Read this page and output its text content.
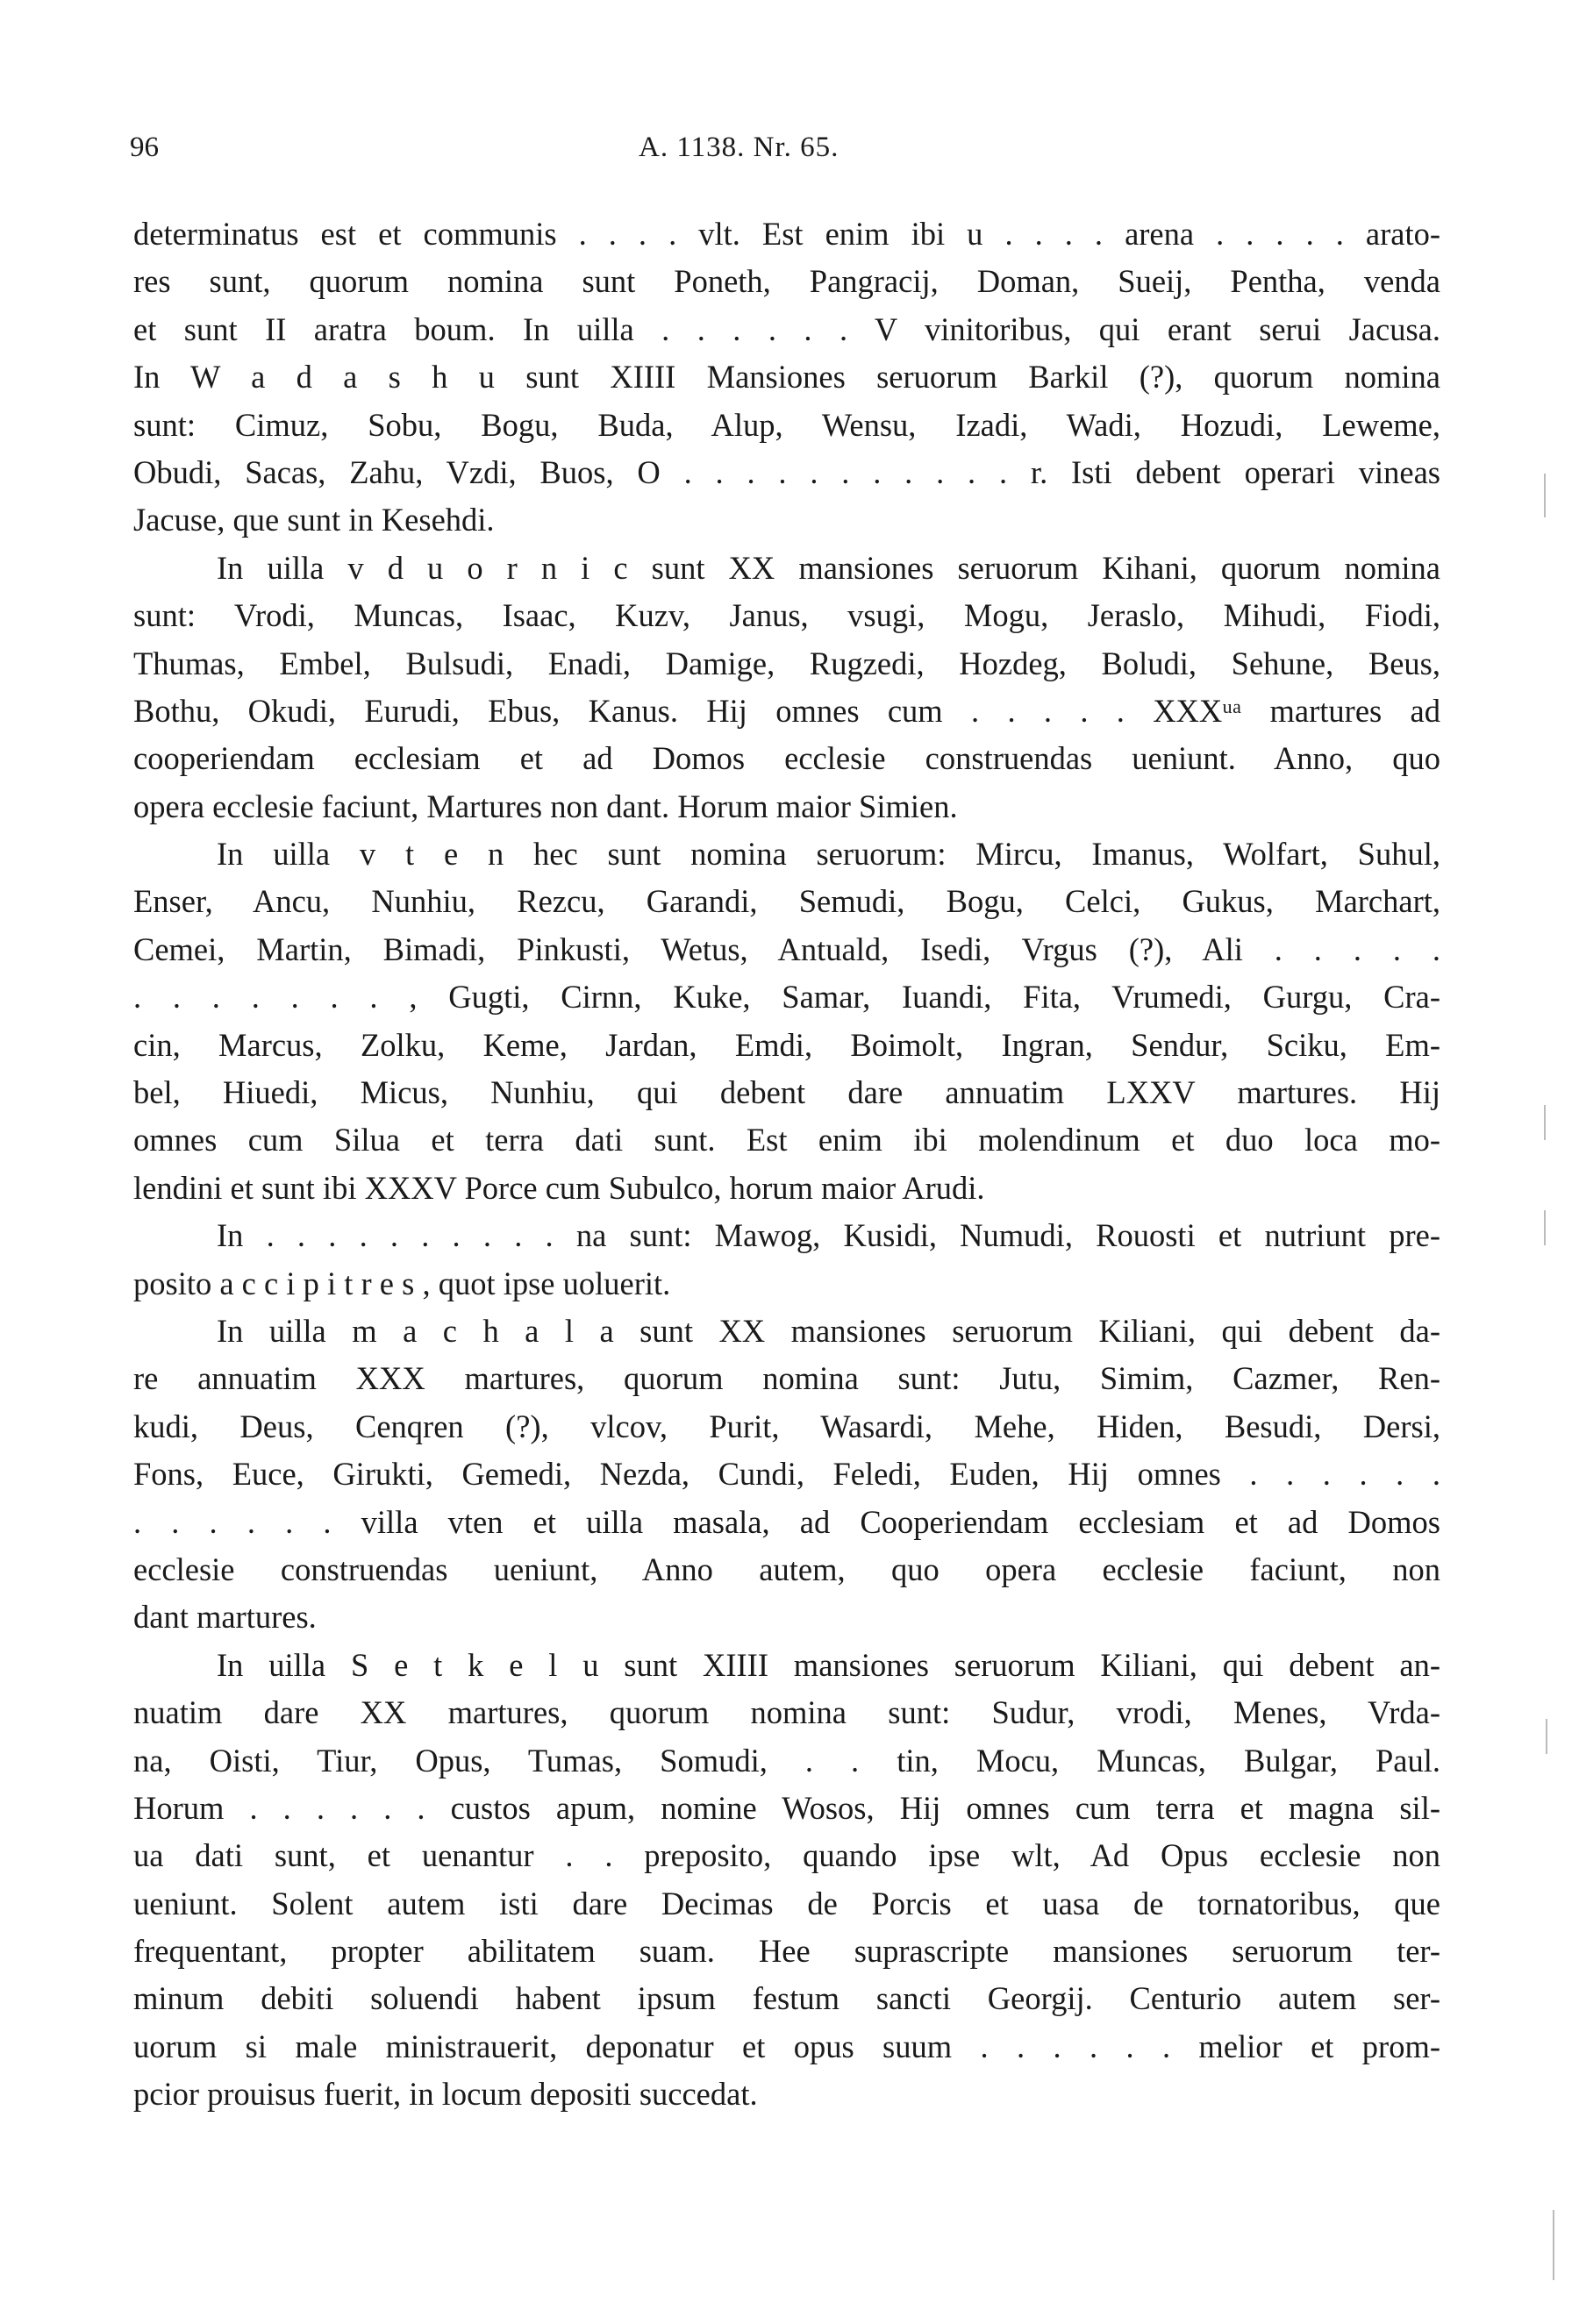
96	A. 1138. Nr. 65.
determinatus est et communis . . . . vlt. Est enim ibi u . . . . arena . . . . . arato-
res sunt, quorum nomina sunt Poneth, Pangracij, Doman, Sueij, Pentha, venda
et sunt II aratra boum. In uilla . . . . . . V vinitoribus, qui erant serui Jacusa.
In W a d a s h u sunt XIIII Mansiones seruorum Barkil (?), quorum nomina
sunt: Cimuz, Sobu, Bogu, Buda, Alup, Wensu, Izadi, Wadi, Hozudi, Leweme,
Obudi, Sacas, Zahu, Vzdi, Buos, O . . . . . . . . . . . r. Isti debent operari vineas
Jacuse, que sunt in Kesehdi.
In uilla v d u o r n i c sunt XX mansiones seruorum Kihani, quorum nomina
sunt: Vrodi, Muncas, Isaac, Kuzv, Janus, vsugi, Mogu, Jeraslo, Mihudi, Fiodi,
Thumas, Embel, Bulsudi, Enadi, Damige, Rugzedi, Hozdeg, Boludi, Sehune, Beus,
Bothu, Okudi, Eurudi, Ebus, Kanus. Hij omnes cum . . . . . XXXᵘᵃ martures ad
cooperiendam ecclesiam et ad Domos ecclesie construendas ueniunt. Anno, quo
opera ecclesie faciunt, Martures non dant. Horum maior Simien.
In uilla v t e n hec sunt nomina seruorum: Mircu, Imanus, Wolfart, Suhul,
Enser, Ancu, Nunhiu, Rezcu, Garandi, Semudi, Bogu, Celci, Gukus, Marchart,
Cemei, Martin, Bimadi, Pinkusti, Wetus, Antuald, Isedi, Vrgus (?), Ali . . . . .
. . . . . . . , Gugti, Cirnn, Kuke, Samar, Iuandi, Fita, Vrumedi, Gurgu, Cra-
cin, Marcus, Zolku, Keme, Jardan, Emdi, Boimolt, Ingran, Sendur, Sciku, Em-
bel, Hiuedi, Micus, Nunhiu, qui debent dare annuatim LXXV martures. Hij
omnes cum Silua et terra dati sunt. Est enim ibi molendinum et duo loca mo-
lendini et sunt ibi XXXV Porce cum Subulco, horum maior Arudi.
In . . . . . . . . . . na sunt: Mawog, Kusidi, Numudi, Rouosti et nutriunt pre-
posito a c c i p i t r e s , quot ipse uoluerit.
In uilla m a c h a l a sunt XX mansiones seruorum Kiliani, qui debent da-
re annuatim XXX martures, quorum nomina sunt: Jutu, Simim, Cazmer, Ren-
kudi, Deus, Cenqren (?), vlcov, Purit, Wasardi, Mehe, Hiden, Besudi, Dersi,
Fons, Euce, Girukti, Gemedi, Nezda, Cundi, Feledi, Euden, Hij omnes . . . . . .
. . . . . . villa vten et uilla masala, ad Cooperiendam ecclesiam et ad Domos
ecclesie construendas ueniunt, Anno autem, quo opera ecclesie faciunt, non
dant martures.
In uilla S e t k e l u sunt XIIII mansiones seruorum Kiliani, qui debent an-
nuatim dare XX martures, quorum nomina sunt: Sudur, vrodi, Menes, Vrda-
na, Oisti, Tiur, Opus, Tumas, Somudi, . . tin, Mocu, Muncas, Bulgar, Paul.
Horum . . . . . . custos apum, nomine Wosos, Hij omnes cum terra et magna sil-
ua dati sunt, et uenantur . . preposito, quando ipse wlt, Ad Opus ecclesie non
ueniunt. Solent autem isti dare Decimas de Porcis et uasa de tornatoribus, que
frequentant, propter abilitatem suam. Hee suprascripte mansiones seruorum ter-
minum debiti soluendi habent ipsum festum sancti Georgij. Centurio autem ser-
uorum si male ministrauerit, deponatur et opus suum . . . . . . melior et prom-
pcior prouisus fuerit, in locum depositi succedat.
